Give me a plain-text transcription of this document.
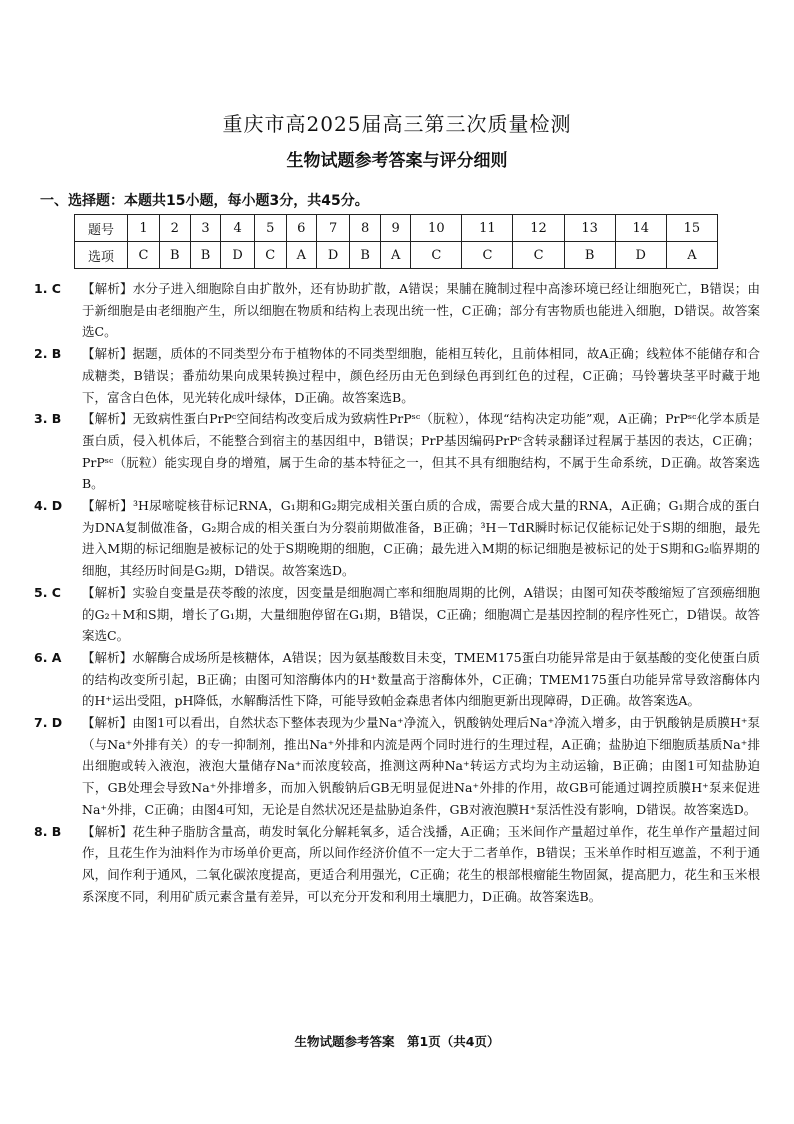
重庆市高2025届高三第三次质量检测
生物试题参考答案与评分细则
一、选择题：本题共15小题，每小题3分，共45分。
题号	1	2	3	4	5	6	7	8	9	10	11	12	13	14	15
选项	C	B	B	D	C	A	D	B	A	C	C	C	B	D	A
1. C	【解析】水分子进入细胞除自由扩散外，还有协助扩散，A错误；果脯在腌制过程中高渗环境已经让细胞死亡，B错误；由于新细胞是由老细胞产生，所以细胞在物质和结构上表现出统一性，C正确；部分有害物质也能进入细胞，D错误。故答案选C。
2. B	【解析】据题，质体的不同类型分布于植物体的不同类型细胞，能相互转化，且前体相同，故A正确；线粒体不能储存和合成糖类，B错误；番茄幼果向成果转换过程中，颜色经历由无色到绿色再到红色的过程，C正确；马铃薯块茎平时藏于地下，富含白色体，见光转化成叶绿体，D正确。故答案选B。
3. B	【解析】无致病性蛋白PrPᶜ空间结构改变后成为致病性PrPˢᶜ（朊粒），体现“结构决定功能”观，A正确；PrPˢᶜ化学本质是蛋白质，侵入机体后，不能整合到宿主的基因组中，B错误；PrP基因编码PrPᶜ含转录翻译过程属于基因的表达，C正确；PrPˢᶜ（朊粒）能实现自身的增殖，属于生命的基本特征之一，但其不具有细胞结构，不属于生命系统，D正确。故答案选B。
4. D	【解析】³H尿嘧啶核苷标记RNA，G₁期和G₂期完成相关蛋白质的合成，需要合成大量的RNA，A正确；G₁期合成的蛋白为DNA复制做准备，G₂期合成的相关蛋白为分裂前期做准备，B正确；³H－TdR瞬时标记仅能标记处于S期的细胞，最先进入M期的标记细胞是被标记的处于S期晚期的细胞，C正确；最先进入M期的标记细胞是被标记的处于S期和G₂临界期的细胞，其经历时间是G₂期，D错误。故答案选D。
5. C	【解析】实验自变量是茯苓酸的浓度，因变量是细胞凋亡率和细胞周期的比例，A错误；由图可知茯苓酸缩短了宫颈癌细胞的G₂＋M和S期，增长了G₁期，大量细胞停留在G₁期，B错误，C正确；细胞凋亡是基因控制的程序性死亡，D错误。故答案选C。
6. A	【解析】水解酶合成场所是核糖体，A错误；因为氨基酸数目未变，TMEM175蛋白功能异常是由于氨基酸的变化使蛋白质的结构改变所引起，B正确；由图可知溶酶体内的H⁺数量高于溶酶体外，C正确；TMEM175蛋白功能异常导致溶酶体内的H⁺运出受阻，pH降低，水解酶活性下降，可能导致帕金森患者体内细胞更新出现障碍，D正确。故答案选A。
7. D	【解析】由图1可以看出，自然状态下整体表现为少量Na⁺净流入，钒酸钠处理后Na⁺净流入增多，由于钒酸钠是质膜H⁺泵（与Na⁺外排有关）的专一抑制剂，推出Na⁺外排和内流是两个同时进行的生理过程，A正确；盐胁迫下细胞质基质Na⁺排出细胞或转入液泡，液泡大量储存Na⁺而浓度较高，推测这两种Na⁺转运方式均为主动运输，B正确；由图1可知盐胁迫下，GB处理会导致Na⁺外排增多，而加入钒酸钠后GB无明显促进Na⁺外排的作用，故GB可能通过调控质膜H⁺泵来促进Na⁺外排，C正确；由图4可知，无论是自然状况还是盐胁迫条件，GB对液泡膜H⁺泵活性没有影响，D错误。故答案选D。
8. B	【解析】花生种子脂肪含量高，萌发时氧化分解耗氧多，适合浅播，A正确；玉米间作产量超过单作，花生单作产量超过间作，且花生作为油料作为市场单价更高，所以间作经济价值不一定大于二者单作，B错误；玉米单作时相互遮盖，不利于通风，间作利于通风，二氧化碳浓度提高，更适合利用强光，C正确；花生的根部根瘤能生物固氮，提高肥力，花生和玉米根系深度不同，利用矿质元素含量有差异，可以充分开发和利用土壤肥力，D正确。故答案选B。
生物试题参考答案　第1页（共4页）
